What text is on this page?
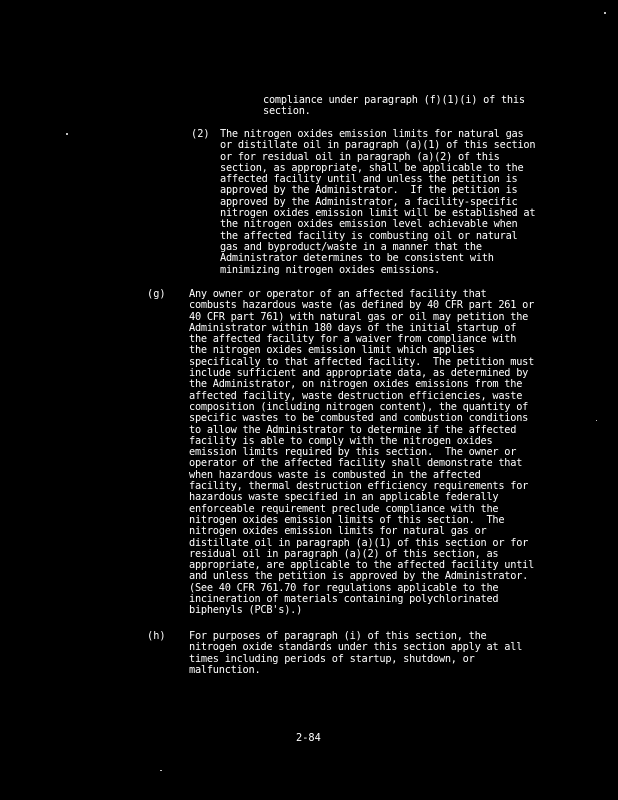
compliance under paragraph (f)(1)(i) of this
section.

(2) The nitrogen oxides emission limits for natural gas
or distillate oil in paragraph (a)(1) of this section
or for residual oil in paragraph (a)(2) of this
section, as appropriate, shall be applicable to the
affected facility until and unless the petition is
approved by the Administrator.  If the petition is
approved by the Administrator, a facility-specific
nitrogen oxides emission limit will be established at
the nitrogen oxides emission level achievable when
the affected facility is combusting oil or natural
gas and byproduct/waste in a manner that the
Administrator determines to be consistent with
minimizing nitrogen oxides emissions.

(g) Any owner or operator of an affected facility that
combusts hazardous waste (as defined by 40 CFR part 261 or
40 CFR part 761) with natural gas or oil may petition the
Administrator within 180 days of the initial startup of
the affected facility for a waiver from compliance with
the nitrogen oxides emission limit which applies
specifically to that affected facility.  The petition must
include sufficient and appropriate data, as determined by
the Administrator, on nitrogen oxides emissions from the
affected facility, waste destruction efficiencies, waste
composition (including nitrogen content), the quantity of
specific wastes to be combusted and combustion conditions
to allow the Administrator to determine if the affected
facility is able to comply with the nitrogen oxides
emission limits required by this section.  The owner or
operator of the affected facility shall demonstrate that
when hazardous waste is combusted in the affected
facility, thermal destruction efficiency requirements for
hazardous waste specified in an applicable federally
enforceable requirement preclude compliance with the
nitrogen oxides emission limits of this section.  The
nitrogen oxides emission limits for natural gas or
distillate oil in paragraph (a)(1) of this section or for
residual oil in paragraph (a)(2) of this section, as
appropriate, are applicable to the affected facility until
and unless the petition is approved by the Administrator.
(See 40 CFR 761.70 for regulations applicable to the
incineration of materials containing polychlorinated
biphenyls (PCB's).)

(h) For purposes of paragraph (i) of this section, the
nitrogen oxide standards under this section apply at all
times including periods of startup, shutdown, or
malfunction.

2-84
